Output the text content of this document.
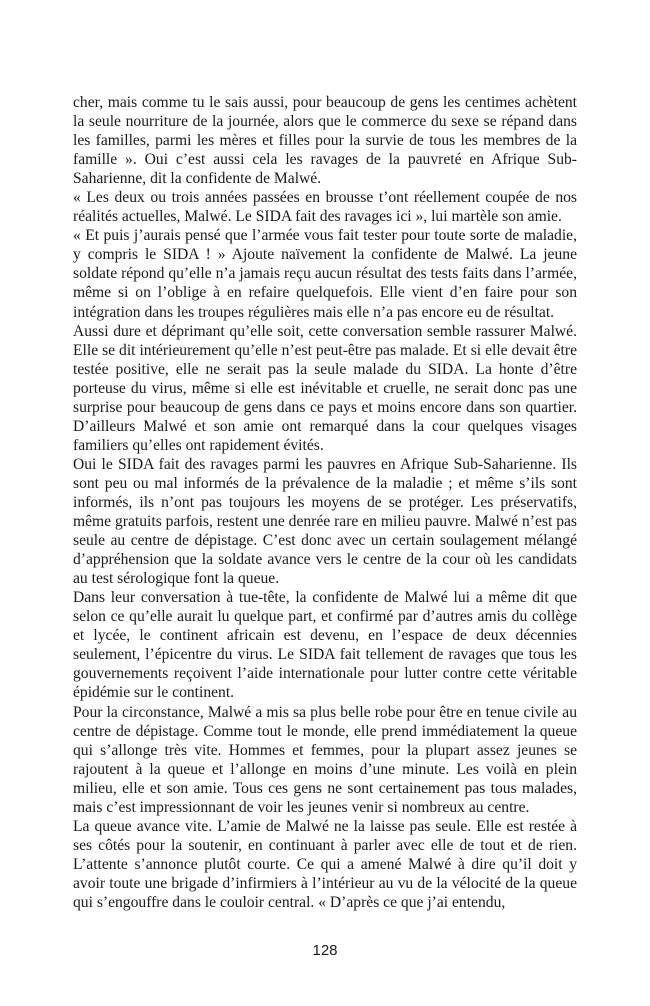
cher, mais comme tu le sais aussi, pour beaucoup de gens les centimes achètent la seule nourriture de la journée, alors que le commerce du sexe se répand dans les familles, parmi les mères et filles pour la survie de tous les membres de la famille ». Oui c’est aussi cela les ravages de la pauvreté en Afrique Sub-Saharienne, dit la confidente de Malwé.

« Les deux ou trois années passées en brousse t’ont réellement coupée de nos réalités actuelles, Malwé. Le SIDA fait des ravages ici », lui martèle son amie.

« Et puis j’aurais pensé que l’armée vous fait tester pour toute sorte de maladie, y compris le SIDA ! » Ajoute naïvement la confidente de Malwé. La jeune soldate répond qu’elle n’a jamais reçu aucun résultat des tests faits dans l’armée, même si on l’oblige à en refaire quelquefois. Elle vient d’en faire pour son intégration dans les troupes régulières mais elle n’a pas encore eu de résultat.

Aussi dure et déprimant qu’elle soit, cette conversation semble rassurer Malwé. Elle se dit intérieurement qu’elle n’est peut-être pas malade. Et si elle devait être testée positive, elle ne serait pas la seule malade du SIDA. La honte d’être porteuse du virus, même si elle est inévitable et cruelle, ne serait donc pas une surprise pour beaucoup de gens dans ce pays et moins encore dans son quartier. D’ailleurs Malwé et son amie ont remarqué dans la cour quelques visages familiers qu’elles ont rapidement évités.

Oui le SIDA fait des ravages parmi les pauvres en Afrique Sub-Saharienne. Ils sont peu ou mal informés de la prévalence de la maladie ; et même s’ils sont informés, ils n’ont pas toujours les moyens de se protéger. Les préservatifs, même gratuits parfois, restent une denrée rare en milieu pauvre. Malwé n’est pas seule au centre de dépistage. C’est donc avec un certain soulagement mélangé d’appréhension que la soldate avance vers le centre de la cour où les candidats au test sérologique font la queue.

Dans leur conversation à tue-tête, la confidente de Malwé lui a même dit que selon ce qu’elle aurait lu quelque part, et confirmé par d’autres amis du collège et lycée, le continent africain est devenu, en l’espace de deux décennies seulement, l’épicentre du virus. Le SIDA fait tellement de ravages que tous les gouvernements reçoivent l’aide internationale pour lutter contre cette véritable épidémie sur le continent.

Pour la circonstance, Malwé a mis sa plus belle robe pour être en tenue civile au centre de dépistage. Comme tout le monde, elle prend immédiatement la queue qui s’allonge très vite. Hommes et femmes, pour la plupart assez jeunes se rajoutent à la queue et l’allonge en moins d’une minute. Les voilà en plein milieu, elle et son amie. Tous ces gens ne sont certainement pas tous malades, mais c’est impressionnant de voir les jeunes venir si nombreux au centre.

La queue avance vite. L’amie de Malwé ne la laisse pas seule. Elle est restée à ses côtés pour la soutenir, en continuant à parler avec elle de tout et de rien. L’attente s’annonce plutôt courte. Ce qui a amené Malwé à dire qu’il doit y avoir toute une brigade d’infirmiers à l’intérieur au vu de la vélocité de la queue qui s’engouffre dans le couloir central. « D’après ce que j’ai entendu,

128
